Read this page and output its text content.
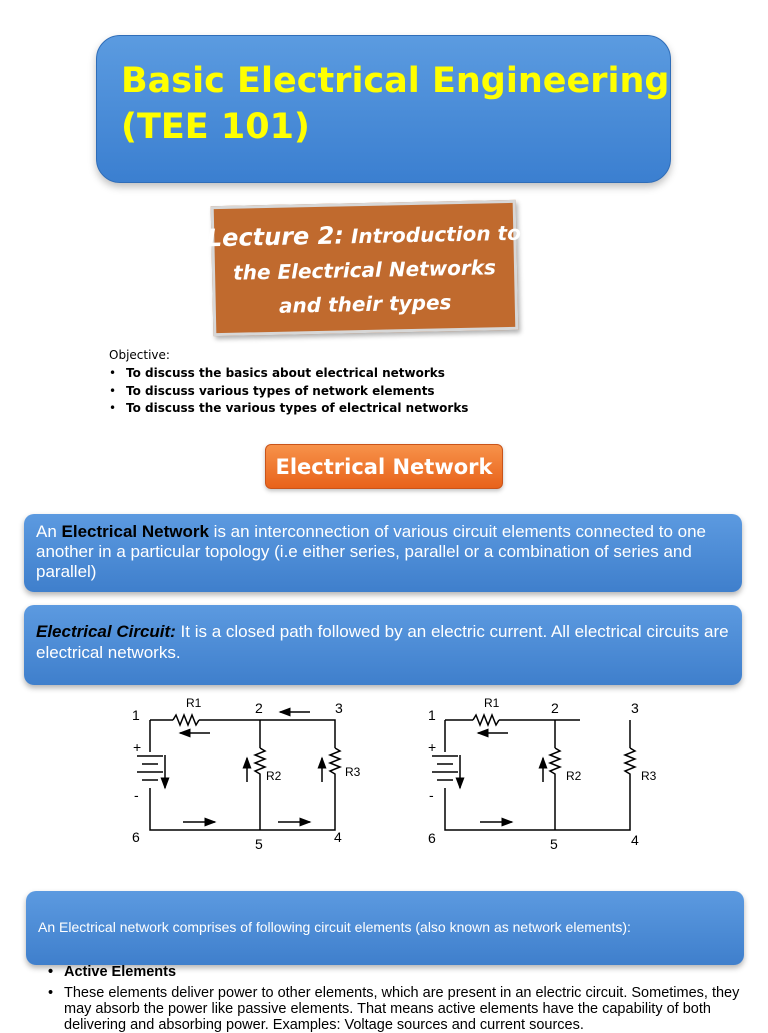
Basic Electrical Engineering
(TEE 101)
Lecture 2: Introduction to
the Electrical Networks
and their types
Objective:
• To discuss the basics about electrical networks
• To discuss various types of network elements
• To discuss the various types of electrical networks
Electrical Network
An Electrical Network is an interconnection of various circuit elements connected to one another in a particular topology (i.e either series, parallel or a combination of series and parallel)
Electrical Circuit: It is a closed path followed by an electric current. All electrical circuits are electrical networks.
1	2	3
4
5
6
R1
R2	R3
+
-
1	2	3
4
5
6
R1
R2	R3
+
-
An Electrical network comprises of following circuit elements (also known as network elements):
• Active Elements
• These elements deliver power to other elements, which are present in an electric circuit. Sometimes, they may absorb the power like passive elements. That means active elements have the capability of both delivering and absorbing power. Examples: Voltage sources and current sources.
